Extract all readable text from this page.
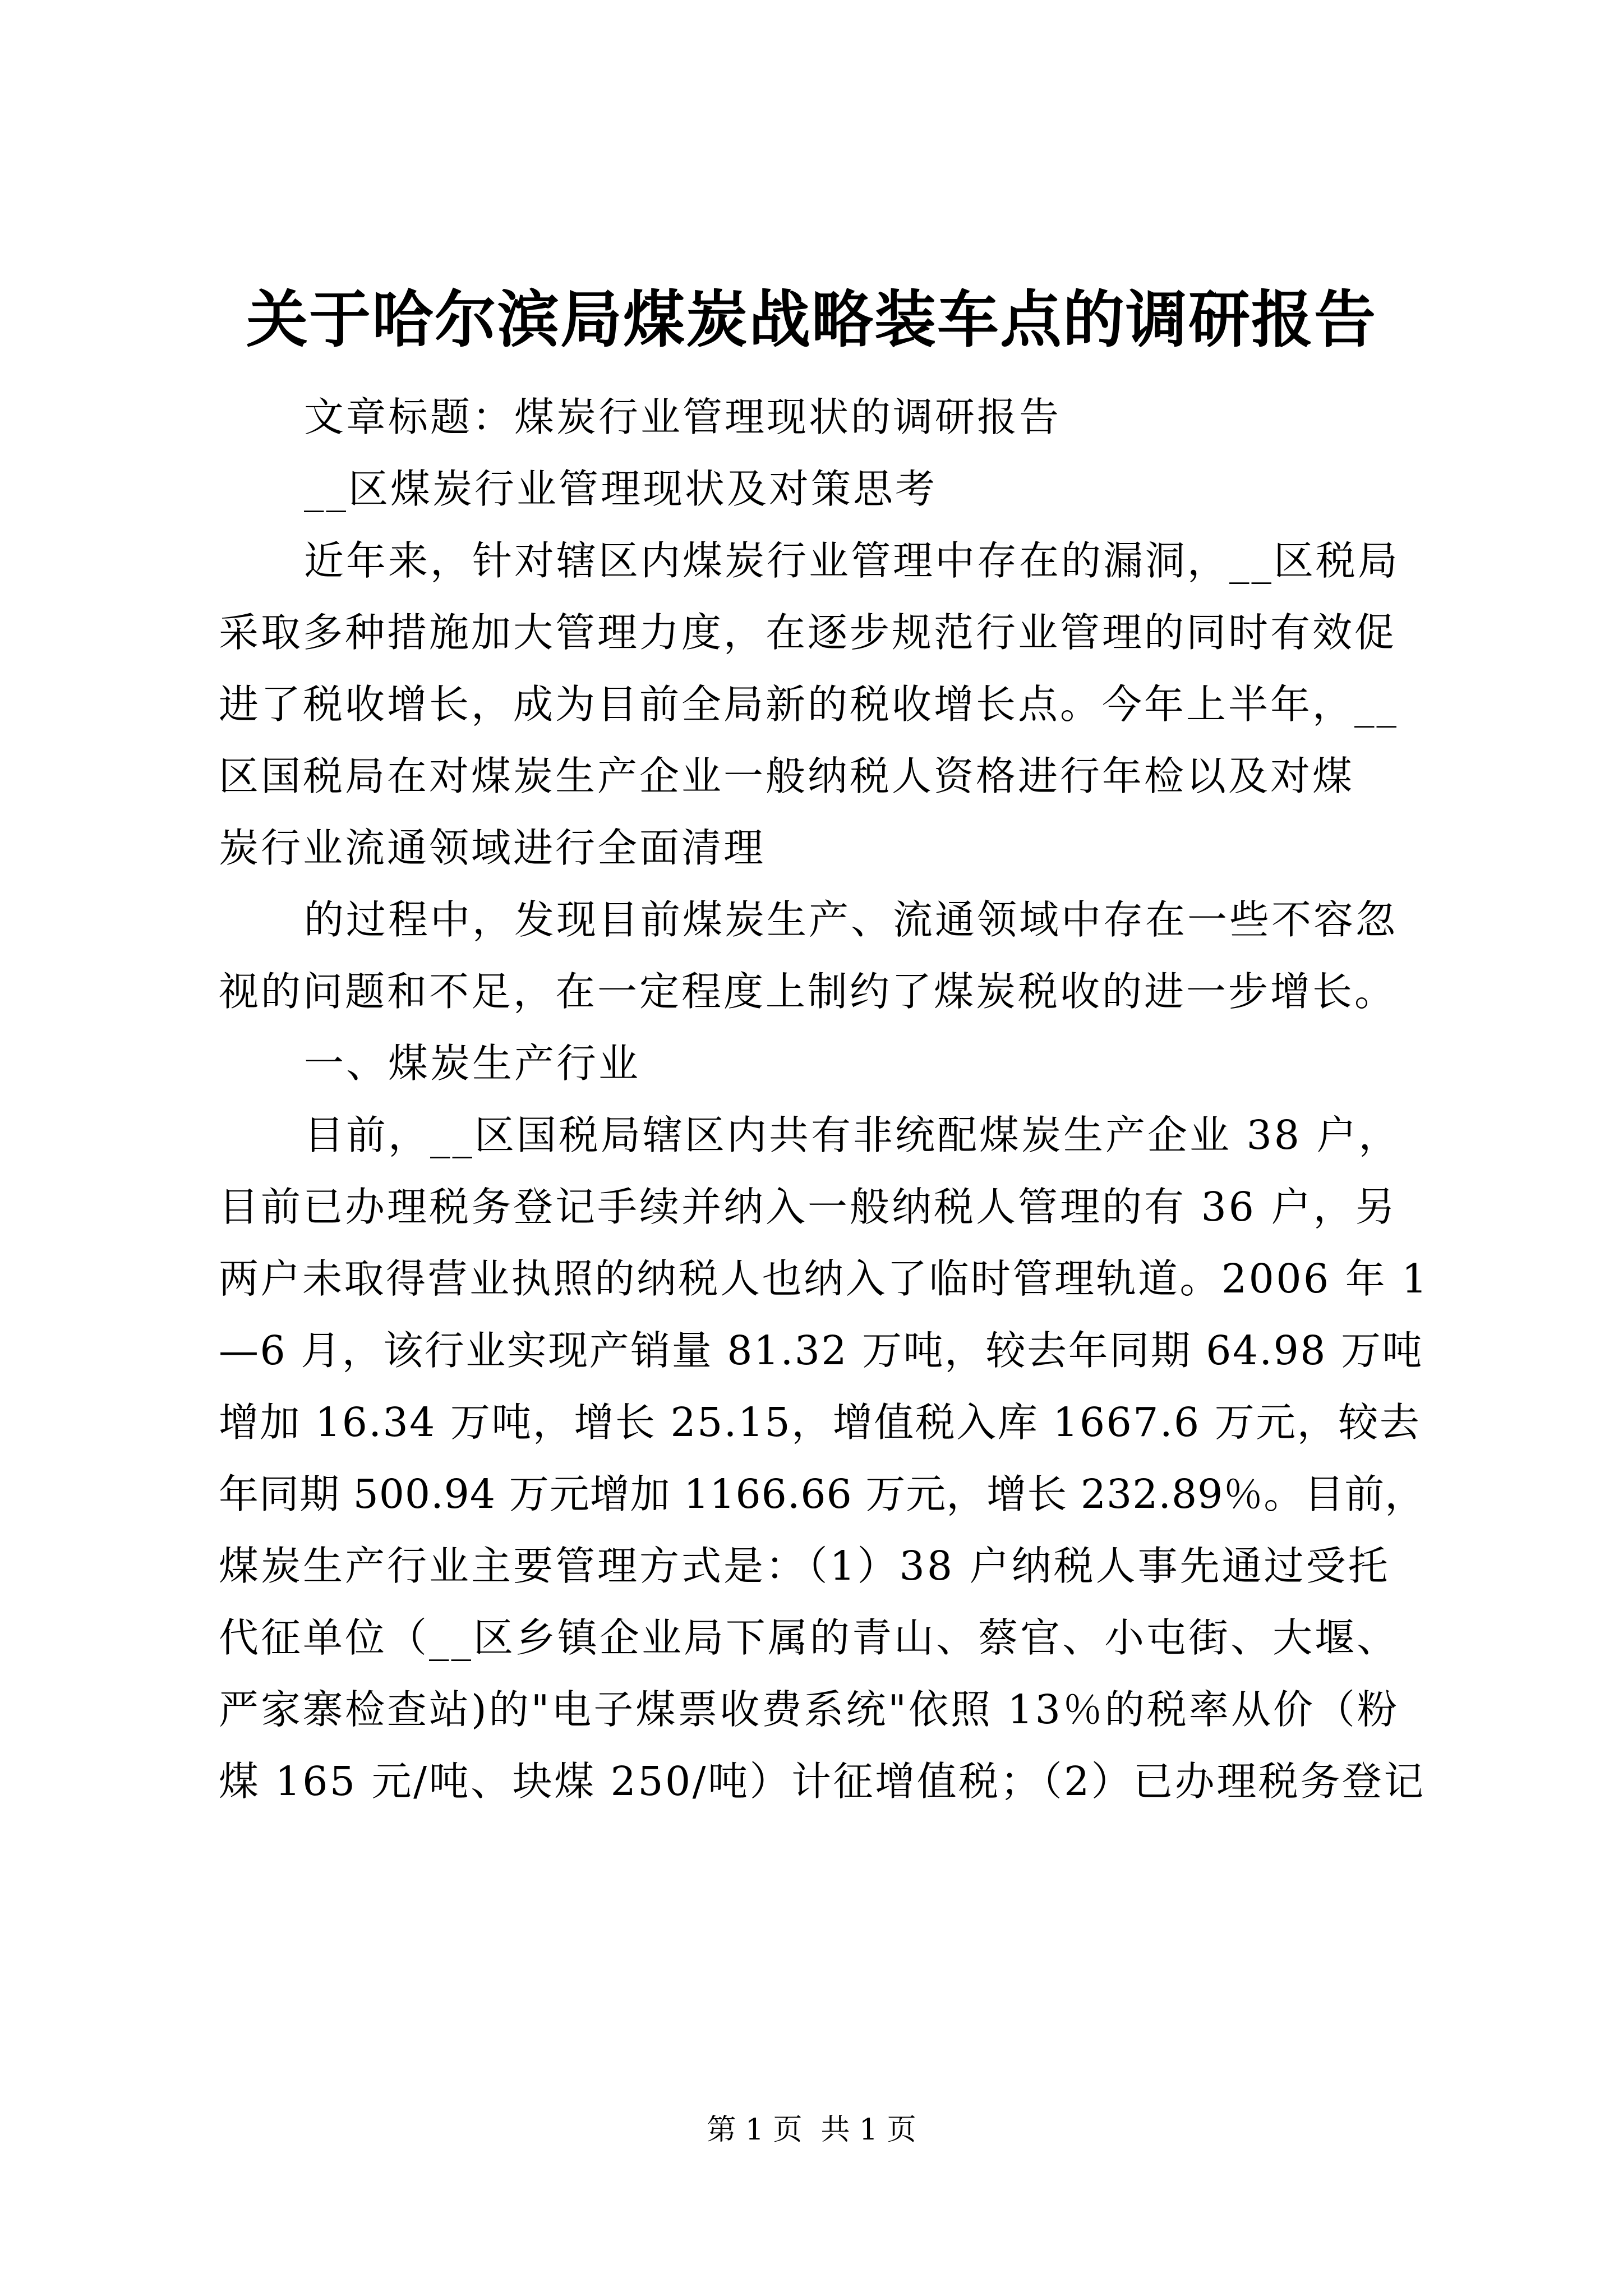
关于哈尔滨局煤炭战略装车点的调研报告
文章标题：煤炭行业管理现状的调研报告
__区煤炭行业管理现状及对策思考
近年来，针对辖区内煤炭行业管理中存在的漏洞，__区税局
采取多种措施加大管理力度，在逐步规范行业管理的同时有效促
进了税收增长，成为目前全局新的税收增长点。今年上半年，__
区国税局在对煤炭生产企业一般纳税人资格进行年检以及对煤
炭行业流通领域进行全面清理
的过程中，发现目前煤炭生产、流通领域中存在一些不容忽
视的问题和不足，在一定程度上制约了煤炭税收的进一步增长。
一、煤炭生产行业
目前，__区国税局辖区内共有非统配煤炭生产企业 38 户，
目前已办理税务登记手续并纳入一般纳税人管理的有 36 户，另
两户未取得营业执照的纳税人也纳入了临时管理轨道。2006 年 1
—6 月，该行业实现产销量 81.32 万吨，较去年同期 64.98 万吨
增加 16.34 万吨，增长 25.15，增值税入库 1667.6 万元，较去
年同期 500.94 万元增加 1166.66 万元，增长 232.89％。目前，
煤炭生产行业主要管理方式是：（1）38 户纳税人事先通过受托
代征单位（__区乡镇企业局下属的青山、蔡官、小屯街、大堰、
严家寨检查站)的"电子煤票收费系统"依照 13％的税率从价（粉
煤 165 元/吨、块煤 250/吨）计征增值税；（2）已办理税务登记
第 1 页  共 1 页
